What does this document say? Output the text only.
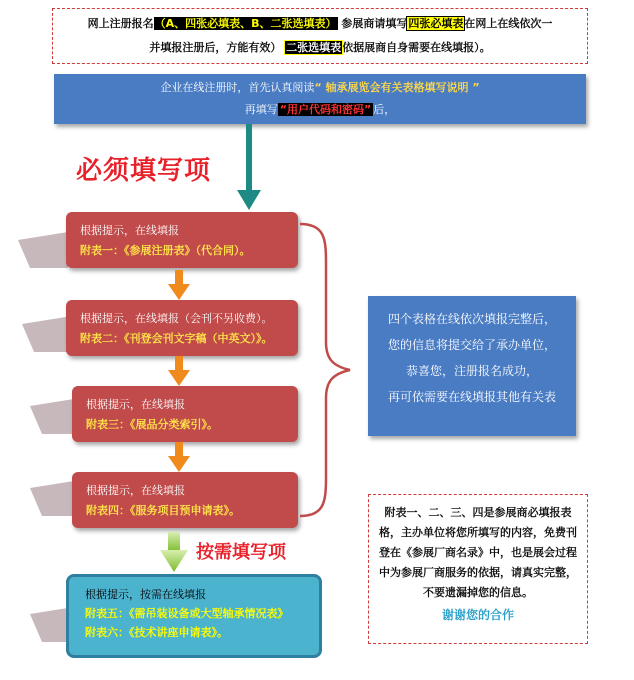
网上注册报名（A、四张必填表、B、二张选填表） 参展商请填写四张必填表在网上在线依次一
并填报注册后，方能有效） 二张选填表依据展商自身需要在线填报）。
企业在线注册时，首先认真阅读“ 轴承展览会有关表格填写说明 ”
再填写 “用户代码和密码” 后，
必须填写项
根据提示，在线填报
附表一：《参展注册表》（代合同）。
根据提示，在线填报（会刊不另收费）。
附表二：《刊登会刊文字稿（中英文）》。
根据提示，在线填报
附表三：《展品分类索引》。
根据提示，在线填报
附表四：《服务项目预申请表》。
四个表格在线依次填报完整后，
您的信息将提交给了承办单位，
恭喜您，注册报名成功，
再可依需要在线填报其他有关表
按需填写项
根据提示，按需在线填报
附表五：《需吊装设备或大型轴承情况表》
附表六：《技术讲座申请表》。
附表一、二、三、四是参展商必填报表格，主办单位将您所填写的内容，免费刊登在《参展厂商名录》中，也是展会过程中为参展厂商服务的依据，请真实完整，不要遗漏掉您的信息。
谢谢您的合作
